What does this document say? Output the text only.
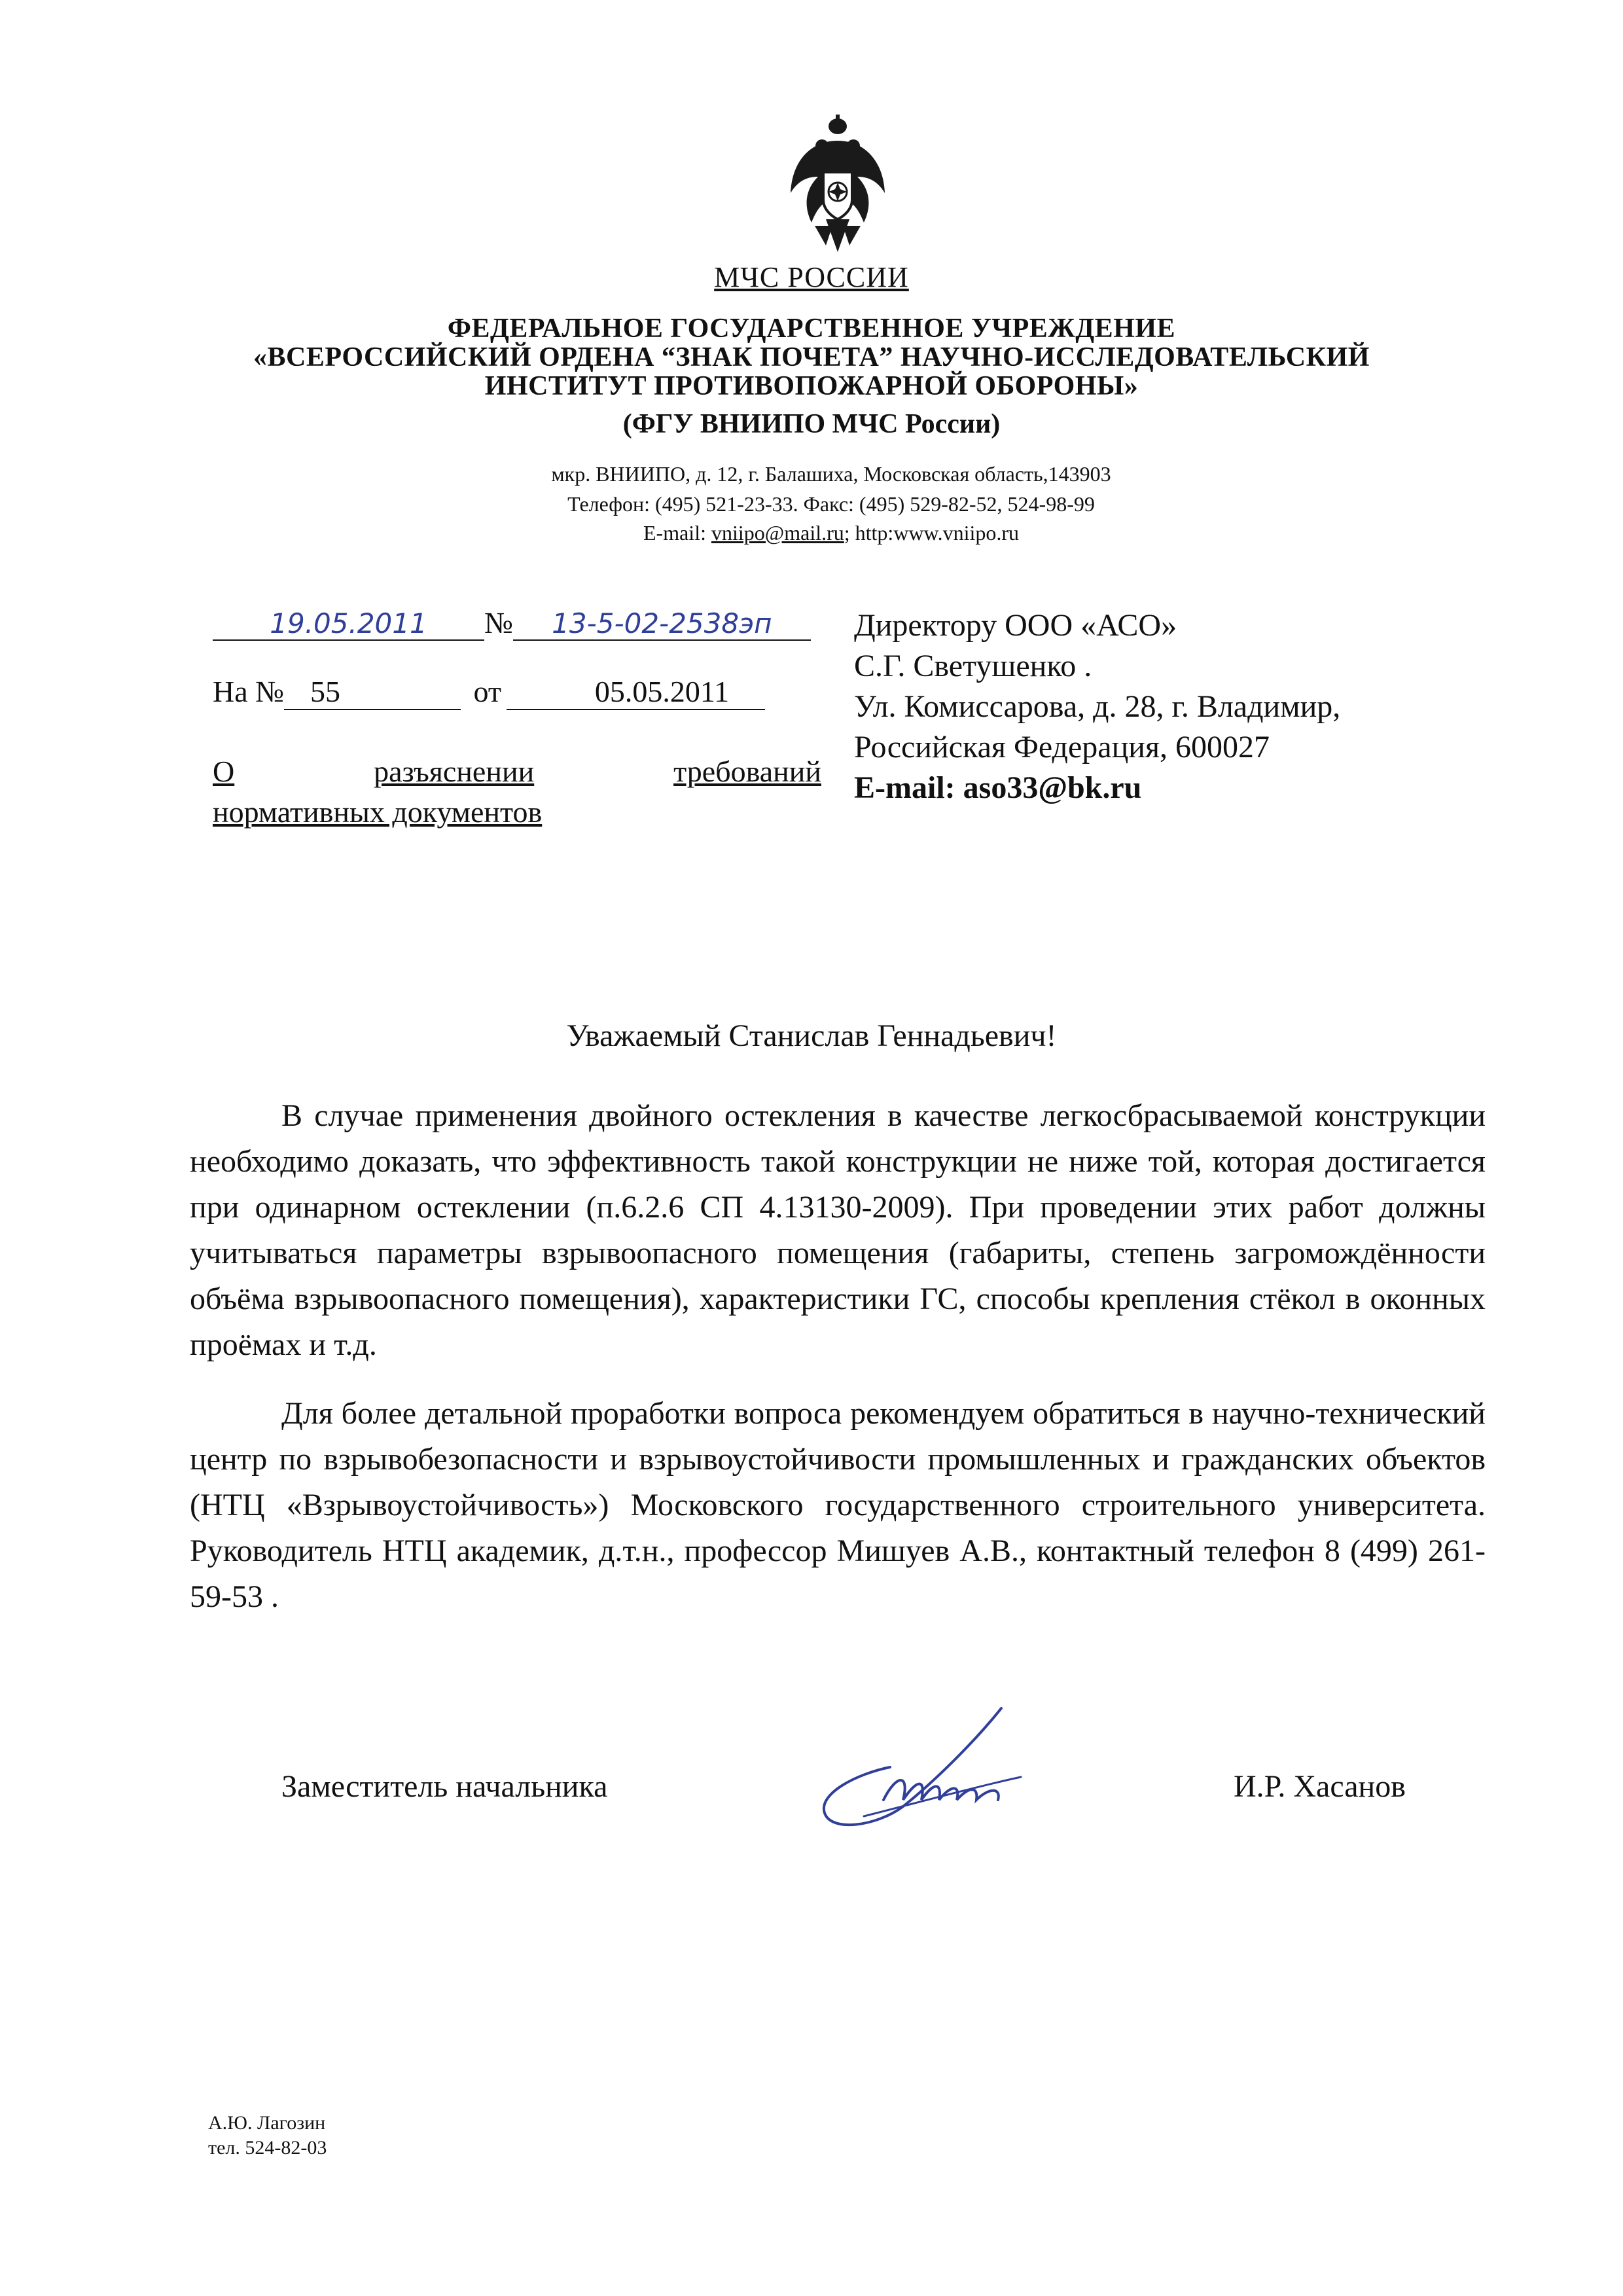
МЧС РОССИИ
ФЕДЕРАЛЬНОЕ ГОСУДАРСТВЕННОЕ УЧРЕЖДЕНИЕ
«ВСЕРОССИЙСКИЙ ОРДЕНА “ЗНАК ПОЧЕТА” НАУЧНО-ИССЛЕДОВАТЕЛЬСКИЙ
ИНСТИТУТ ПРОТИВОПОЖАРНОЙ ОБОРОНЫ»
(ФГУ ВНИИПО МЧС России)
мкр. ВНИИПО, д. 12, г. Балашиха, Московская область,143903
Телефон: (495) 521-23-33. Факс: (495) 529-82-52, 524-98-99
E-mail: vniipo@mail.ru; http:www.vniipo.ru
19.05.2011 № 13-5-02-2538эп
На № 55	от	05.05.2011
О	разъяснении	требований
нормативных документов
Директору ООО «АСО»
С.Г. Светушенко .
Ул. Комиссарова, д. 28, г. Владимир,
Российская Федерация, 600027
E-mail: aso33@bk.ru
Уважаемый Станислав Геннадьевич!

В случае применения двойного остекления в качестве легкосбрасываемой конструкции необходимо доказать, что эффективность такой конструкции не ниже той, которая достигается при одинарном остеклении (п.6.2.6 СП 4.13130-2009). При проведении этих работ должны учитываться параметры взрывоопасного помещения (габариты, степень загромождённости объёма взрывоопасного помещения), характеристики ГС, способы крепления стёкол в оконных проёмах и т.д.

Для более детальной проработки вопроса рекомендуем обратиться в научно-технический центр по взрывобезопасности и взрывоустойчивости промышленных и гражданских объектов (НТЦ «Взрывоустойчивость») Московского государственного строительного университета. Руководитель НТЦ академик, д.т.н., профессор Мишуев А.В., контактный телефон 8 (499) 261-59-53 .

Заместитель начальника	И.Р. Хасанов
А.Ю. Лагозин
тел. 524-82-03
